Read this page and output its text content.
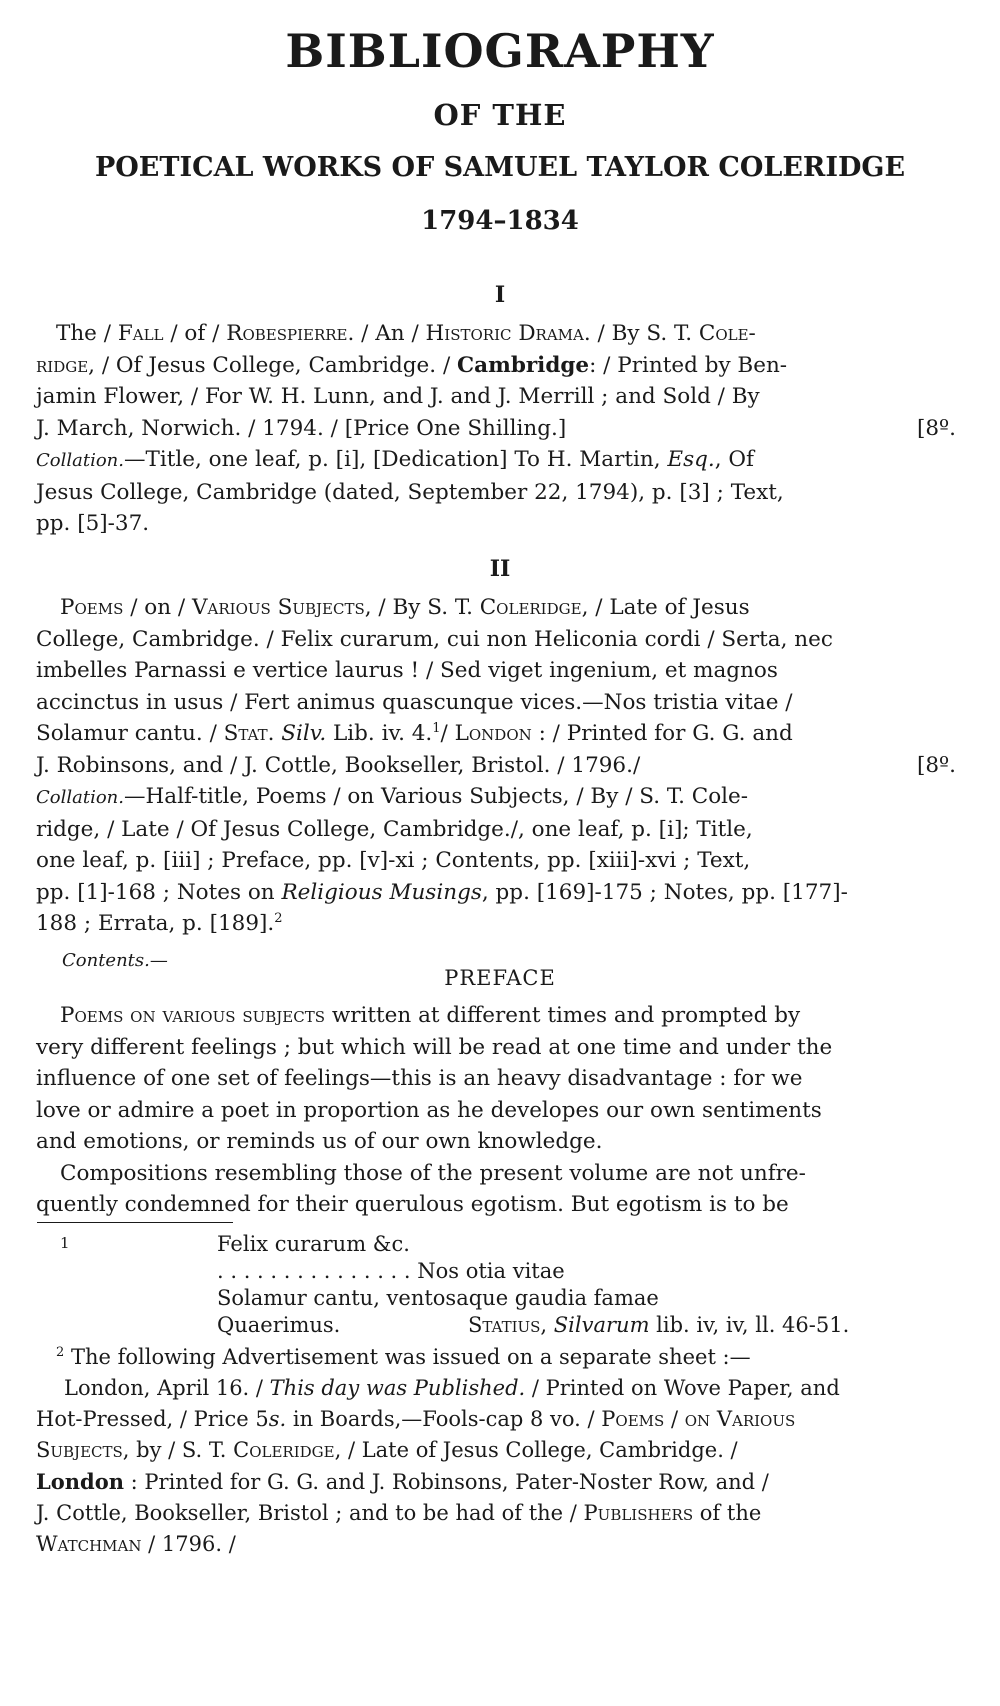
BIBLIOGRAPHY
OF THE
POETICAL WORKS OF SAMUEL TAYLOR COLERIDGE
1794–1834
I
The / Fall / of / Robespierre. / An / Historic Drama. / By S. T. Cole-
ridge, / Of Jesus College, Cambridge. / Cambridge: / Printed by Ben-
jamin Flower, / For W. H. Lunn, and J. and J. Merrill ; and Sold / By
J. March, Norwich. / 1794. / [Price One Shilling.]	[8º.
Collation.—Title, one leaf, p. [i], [Dedication] To H. Martin, Esq., Of
Jesus College, Cambridge (dated, September 22, 1794), p. [3] ; Text,
pp. [5]-37.
II
Poems / on / Various Subjects, / By S. T. Coleridge, / Late of Jesus
College, Cambridge. / Felix curarum, cui non Heliconia cordi / Serta, nec
imbelles Parnassi e vertice laurus ! / Sed viget ingenium, et magnos
accinctus in usus / Fert animus quascunque vices.—Nos tristia vitae /
Solamur cantu. / Stat. Silv. Lib. iv. 4.$^1$/ London : / Printed for G. G. and
J. Robinsons, and / J. Cottle, Bookseller, Bristol. / 1796./	[8º.
Collation.—Half-title, Poems / on Various Subjects, / By / S. T. Cole-
ridge, / Late / Of Jesus College, Cambridge./, one leaf, p. [i]; Title,
one leaf, p. [iii] ; Preface, pp. [v]-xi ; Contents, pp. [xiii]-xvi ; Text,
pp. [1]-168 ; Notes on Religious Musings, pp. [169]-175 ; Notes, pp. [177]-
188 ; Errata, p. [189].$^2$
Contents.—
PREFACE
Poems on various subjects written at different times and prompted by
very different feelings ; but which will be read at one time and under the
influence of one set of feelings—this is an heavy disadvantage : for we
love or admire a poet in proportion as he developes our own sentiments
and emotions, or reminds us of our own knowledge.
Compositions resembling those of the present volume are not unfre-
quently condemned for their querulous egotism. But egotism is to be
1	Felix curarum &c.
. . . . . . . . . . . . . . . Nos otia vitae
Solamur cantu, ventosaque gaudia famae
Quaerimus.	Statius, Silvarum lib. iv, iv, ll. 46-51.
$^2$ The following Advertisement was issued on a separate sheet :—
London, April 16. / This day was Published. / Printed on Wove Paper, and
Hot-Pressed, / Price 5s. in Boards,—Fools-cap 8 vo. / Poems / on Various
Subjects, by / S. T. Coleridge, / Late of Jesus College, Cambridge. /
London : Printed for G. G. and J. Robinsons, Pater-Noster Row, and /
J. Cottle, Bookseller, Bristol ; and to be had of the / Publishers of the
Watchman / 1796. /
